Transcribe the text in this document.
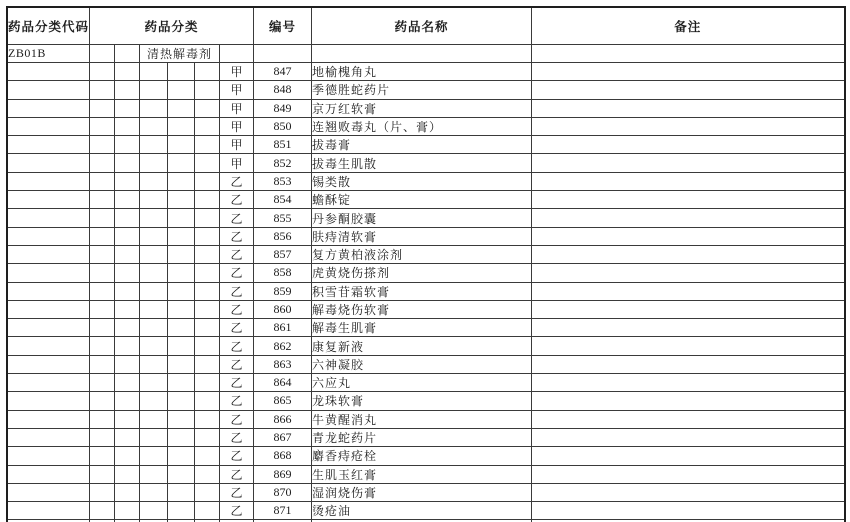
药品分类代码	药品分类						编号	药品名称	备注
ZB01B			清热解毒剂						
						甲	847	地榆槐角丸	
						甲	848	季德胜蛇药片	
						甲	849	京万红软膏	
						甲	850	连翘败毒丸（片、膏）	
						甲	851	拔毒膏	
						甲	852	拔毒生肌散	
						乙	853	锡类散	
						乙	854	蟾酥锭	
						乙	855	丹参酮胶囊	
						乙	856	肤痔清软膏	
						乙	857	复方黄柏液涂剂	
						乙	858	虎黄烧伤搽剂	
						乙	859	积雪苷霜软膏	
						乙	860	解毒烧伤软膏	
						乙	861	解毒生肌膏	
						乙	862	康复新液	
						乙	863	六神凝胶	
						乙	864	六应丸	
						乙	865	龙珠软膏	
						乙	866	牛黄醒消丸	
						乙	867	青龙蛇药片	
						乙	868	麝香痔疮栓	
						乙	869	生肌玉红膏	
						乙	870	湿润烧伤膏	
						乙	871	烫疮油	
